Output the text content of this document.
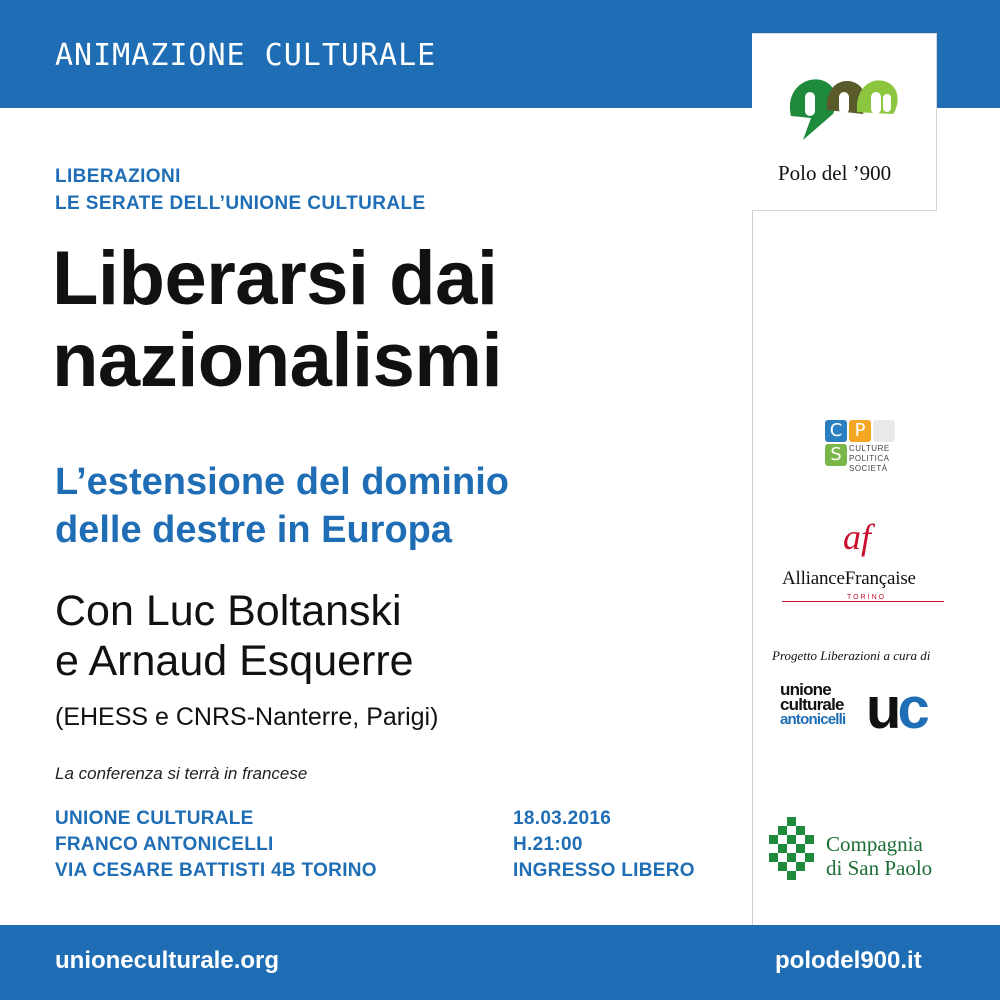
ANIMAZIONE CULTURALE
Polo del ’900
LIBERAZIONI
LE SERATE DELL’UNIONE CULTURALE
Liberarsi dai
nazionalismi
L’estensione del dominio
delle destre in Europa
Con Luc Boltanski
e Arnaud Esquerre
(EHESS e CNRS-Nanterre, Parigi)
La conferenza si terrà in francese
UNIONE CULTURALE
FRANCO ANTONICELLI
VIA CESARE BATTISTI 4B TORINO
18.03.2016
H.21:00
INGRESSO LIBERO
C P
S CULTURE
POLITICA
SOCIETÀ
af
AllianceFrançaise
TORINO
Progetto Liberazioni a cura di
unione
culturale
antonicelli uc
Compagnia
di San Paolo
unioneculturale.org	polodel900.it
